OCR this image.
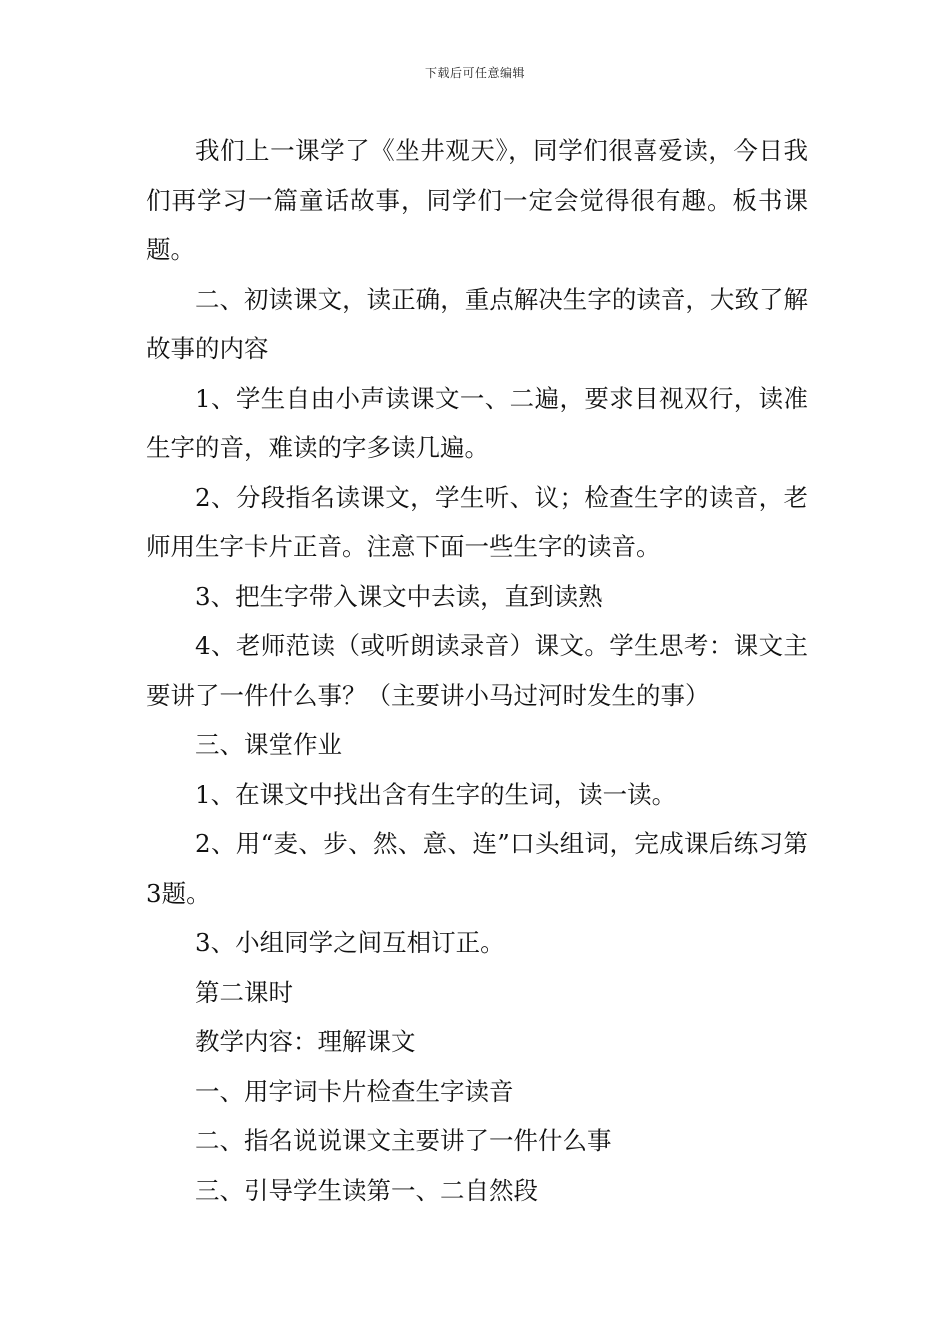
下载后可任意编辑

我们上一课学了《坐井观天》，同学们很喜爱读，今日我们再学习一篇童话故事，同学们一定会觉得很有趣。板书课题。

二、初读课文，读正确，重点解决生字的读音，大致了解故事的内容

1、学生自由小声读课文一、二遍，要求目视双行，读准生字的音，难读的字多读几遍。

2、分段指名读课文，学生听、议；检查生字的读音，老师用生字卡片正音。注意下面一些生字的读音。

3、把生字带入课文中去读，直到读熟

4、老师范读（或听朗读录音）课文。学生思考：课文主要讲了一件什么事？（主要讲小马过河时发生的事）

三、课堂作业

1、在课文中找出含有生字的生词，读一读。

2、用“麦、步、然、意、连”口头组词，完成课后练习第3题。

3、小组同学之间互相订正。

第二课时

教学内容：理解课文

一、用字词卡片检查生字读音

二、指名说说课文主要讲了一件什么事

三、引导学生读第一、二自然段
